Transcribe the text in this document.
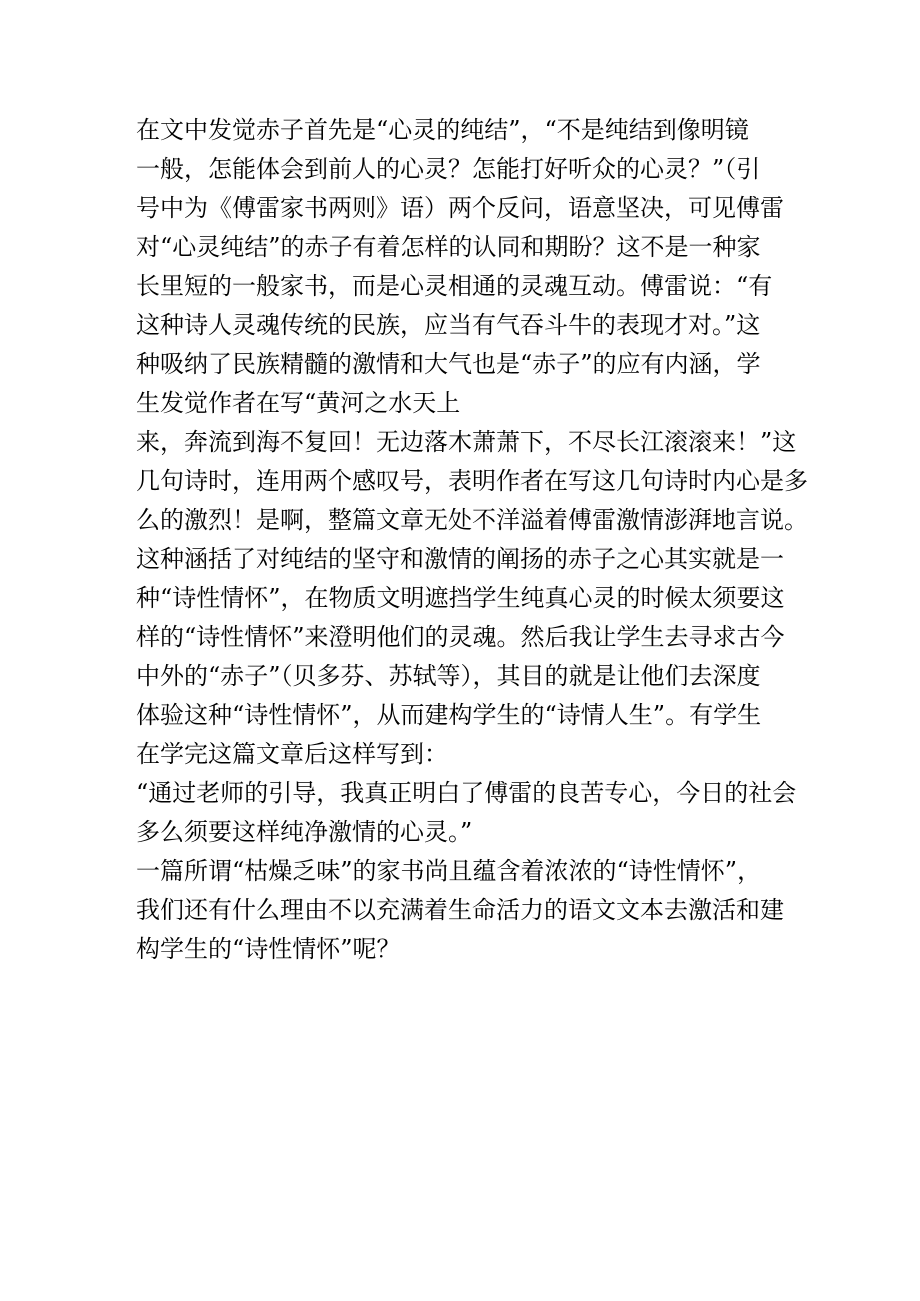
在文中发觉赤子首先是“心灵的纯结”，“不是纯结到像明镜
一般，怎能体会到前人的心灵？怎能打好听众的心灵？”（引
号中为《傅雷家书两则》语）两个反问，语意坚决，可见傅雷
对“心灵纯结”的赤子有着怎样的认同和期盼？这不是一种家
长里短的一般家书，而是心灵相通的灵魂互动。傅雷说：“有
这种诗人灵魂传统的民族，应当有气吞斗牛的表现才对。”这
种吸纳了民族精髓的激情和大气也是“赤子”的应有内涵，学
生发觉作者在写“黄河之水天上
来，奔流到海不复回！无边落木萧萧下，不尽长江滚滚来！”这
几句诗时，连用两个感叹号，表明作者在写这几句诗时内心是多
么的激烈！是啊，整篇文章无处不洋溢着傅雷激情澎湃地言说。
这种涵括了对纯结的坚守和激情的阐扬的赤子之心其实就是一
种“诗性情怀”，在物质文明遮挡学生纯真心灵的时候太须要这
样的“诗性情怀”来澄明他们的灵魂。然后我让学生去寻求古今
中外的“赤子”（贝多芬、苏轼等），其目的就是让他们去深度
体验这种“诗性情怀”，从而建构学生的“诗情人生”。有学生
在学完这篇文章后这样写到：
“通过老师的引导，我真正明白了傅雷的良苦专心，今日的社会
多么须要这样纯净激情的心灵。”
一篇所谓“枯燥乏味”的家书尚且蕴含着浓浓的“诗性情怀”，
我们还有什么理由不以充满着生命活力的语文文本去激活和建
构学生的“诗性情怀”呢？
